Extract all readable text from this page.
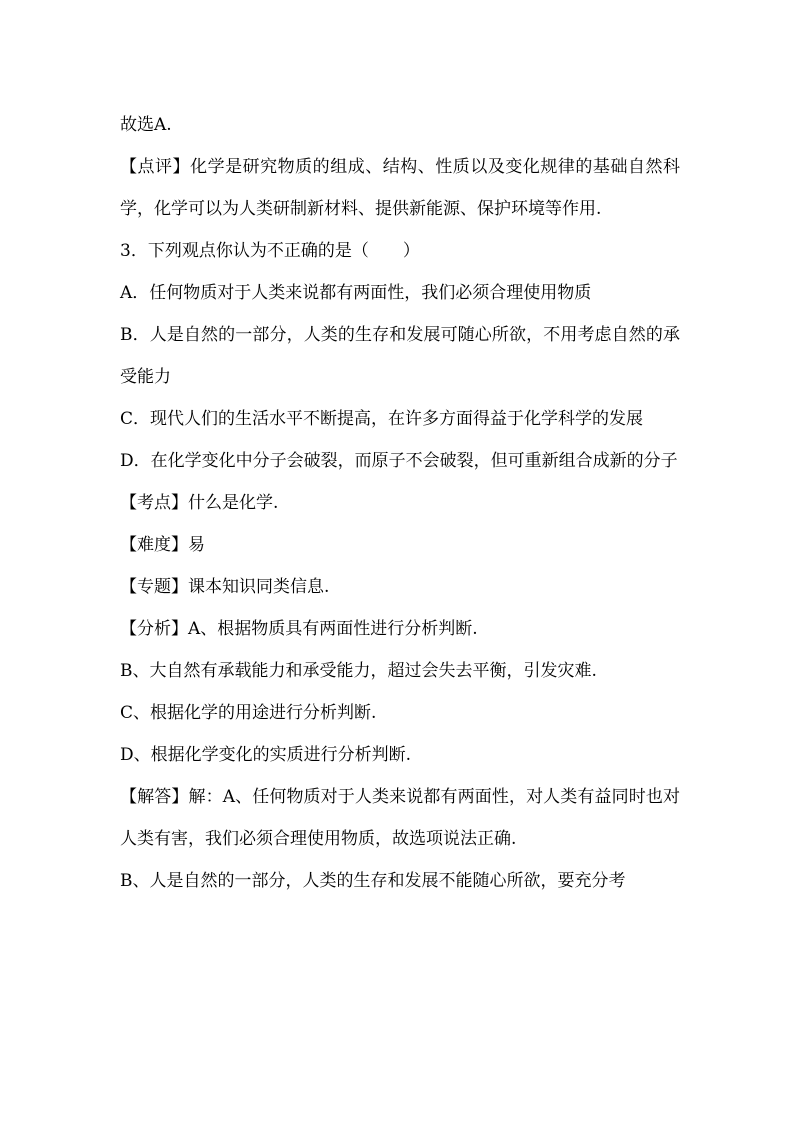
故选A.

【点评】化学是研究物质的组成、结构、性质以及变化规律的基础自然科学，化学可以为人类研制新材料、提供新能源、保护环境等作用.

3．下列观点你认为不正确的是（　　）

A．任何物质对于人类来说都有两面性，我们必须合理使用物质

B．人是自然的一部分，人类的生存和发展可随心所欲，不用考虑自然的承受能力

C．现代人们的生活水平不断提高，在许多方面得益于化学科学的发展

D．在化学变化中分子会破裂，而原子不会破裂，但可重新组合成新的分子

【考点】什么是化学.

【难度】易

【专题】课本知识同类信息.

【分析】A、根据物质具有两面性进行分析判断.

B、大自然有承载能力和承受能力，超过会失去平衡，引发灾难.

C、根据化学的用途进行分析判断.

D、根据化学变化的实质进行分析判断.

【解答】解：A、任何物质对于人类来说都有两面性，对人类有益同时也对人类有害，我们必须合理使用物质，故选项说法正确.

B、人是自然的一部分，人类的生存和发展不能随心所欲，要充分考
